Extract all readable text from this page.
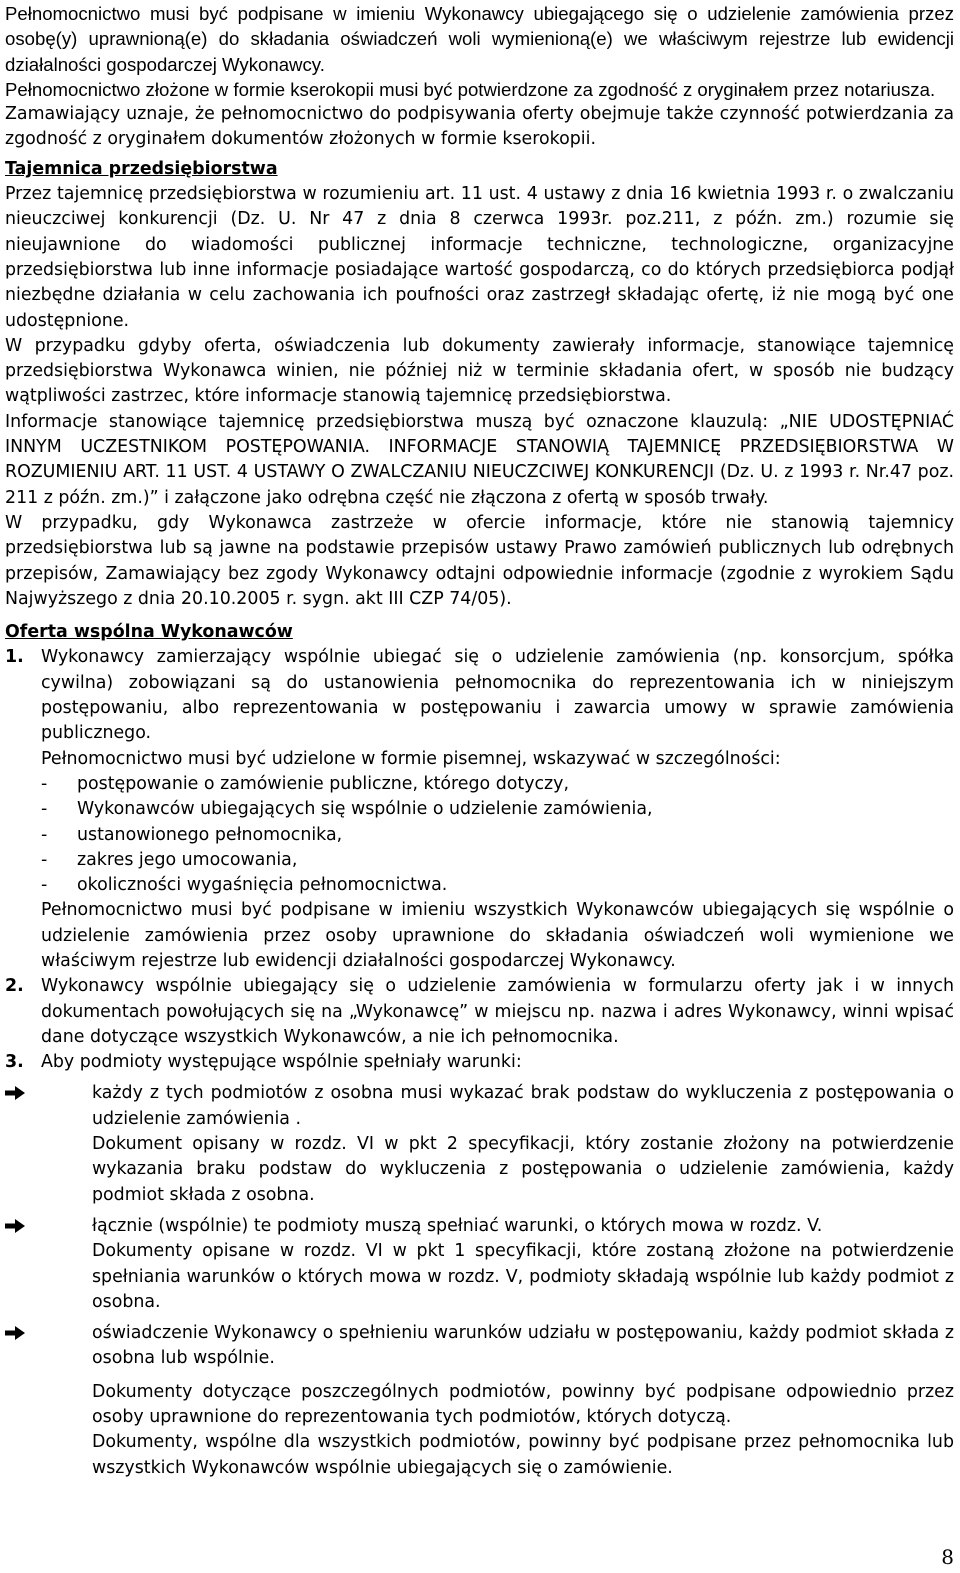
Pełnomocnictwo musi być podpisane w imieniu Wykonawcy ubiegającego się o udzielenie zamówienia przez osobę(y) uprawnioną(e) do składania oświadczeń woli wymienioną(e) we właściwym rejestrze lub ewidencji działalności gospodarczej Wykonawcy.

Pełnomocnictwo złożone w formie kserokopii musi być potwierdzone za zgodność z oryginałem przez notariusza.

Zamawiający uznaje, że pełnomocnictwo do podpisywania oferty obejmuje także czynność potwierdzania za zgodność z oryginałem dokumentów złożonych w formie kserokopii.

Tajemnica przedsiębiorstwa

Przez tajemnicę przedsiębiorstwa w rozumieniu art. 11 ust. 4 ustawy z dnia 16 kwietnia 1993 r. o zwalczaniu nieuczciwej konkurencji (Dz. U. Nr 47 z dnia 8 czerwca 1993r. poz.211, z późn. zm.) rozumie się nieujawnione do wiadomości publicznej informacje techniczne, technologiczne, organizacyjne przedsiębiorstwa lub inne informacje posiadające wartość gospodarczą, co do których przedsiębiorca podjął niezbędne działania w celu zachowania ich poufności oraz zastrzegł składając ofertę, iż nie mogą być one udostępnione.

W przypadku gdyby oferta, oświadczenia lub dokumenty zawierały informacje, stanowiące tajemnicę przedsiębiorstwa Wykonawca winien, nie później niż w terminie składania ofert, w sposób nie budzący wątpliwości zastrzec, które informacje stanowią tajemnicę przedsiębiorstwa.

Informacje stanowiące tajemnicę przedsiębiorstwa muszą być oznaczone klauzulą: „NIE UDOSTĘPNIAĆ INNYM UCZESTNIKOM POSTĘPOWANIA. INFORMACJE STANOWIĄ TAJEMNICĘ PRZEDSIĘBIORSTWA W ROZUMIENIU ART. 11 UST. 4 USTAWY O ZWALCZANIU NIEUCZCIWEJ KONKURENCJI (Dz. U. z 1993 r. Nr.47 poz. 211 z późn. zm.)” i załączone jako odrębna część nie złączona z ofertą w sposób trwały.

W przypadku, gdy Wykonawca zastrzeże w ofercie informacje, które nie stanowią tajemnicy przedsiębiorstwa lub są jawne na podstawie przepisów ustawy Prawo zamówień publicznych lub odrębnych przepisów, Zamawiający bez zgody Wykonawcy odtajni odpowiednie informacje (zgodnie z wyrokiem Sądu Najwyższego z dnia 20.10.2005 r. sygn. akt III CZP 74/05).

Oferta wspólna Wykonawców

1. Wykonawcy zamierzający wspólnie ubiegać się o udzielenie zamówienia (np. konsorcjum, spółka cywilna) zobowiązani są do ustanowienia pełnomocnika do reprezentowania ich w niniejszym postępowaniu, albo reprezentowania w postępowaniu i zawarcia umowy w sprawie zamówienia publicznego.

Pełnomocnictwo musi być udzielone w formie pisemnej, wskazywać w szczególności:

-	postępowanie o zamówienie publiczne, którego dotyczy,
-	Wykonawców ubiegających się wspólnie o udzielenie zamówienia,
-	ustanowionego pełnomocnika,
-	zakres jego umocowania,
-	okoliczności wygaśnięcia pełnomocnictwa.

Pełnomocnictwo musi być podpisane w imieniu wszystkich Wykonawców ubiegających się wspólnie o udzielenie zamówienia przez osoby uprawnione do składania oświadczeń woli wymienione we właściwym rejestrze lub ewidencji działalności gospodarczej Wykonawcy.

2. Wykonawcy wspólnie ubiegający się o udzielenie zamówienia w formularzu oferty jak i w innych dokumentach powołujących się na „Wykonawcę” w miejscu np. nazwa i adres Wykonawcy, winni wpisać dane dotyczące wszystkich Wykonawców, a nie ich pełnomocnika.

3. Aby podmioty występujące wspólnie spełniały warunki:

każdy z tych podmiotów z osobna musi wykazać brak podstaw do wykluczenia z postępowania o udzielenie zamówienia .

Dokument opisany w rozdz. VI w pkt 2 specyfikacji, który zostanie złożony na potwierdzenie wykazania braku podstaw do wykluczenia z postępowania o udzielenie zamówienia, każdy podmiot składa z osobna.

łącznie (wspólnie) te podmioty muszą spełniać warunki, o których mowa w rozdz. V.

Dokumenty opisane w rozdz. VI w pkt 1 specyfikacji, które zostaną złożone na potwierdzenie spełniania warunków o których mowa w rozdz. V, podmioty składają wspólnie lub każdy podmiot z osobna.

oświadczenie Wykonawcy o spełnieniu warunków udziału w postępowaniu, każdy podmiot składa z osobna lub wspólnie.

Dokumenty dotyczące poszczególnych podmiotów, powinny być podpisane odpowiednio przez osoby uprawnione do reprezentowania tych podmiotów, których dotyczą.

Dokumenty, wspólne dla wszystkich podmiotów, powinny być podpisane przez pełnomocnika lub wszystkich Wykonawców wspólnie ubiegających się o zamówienie.

8
